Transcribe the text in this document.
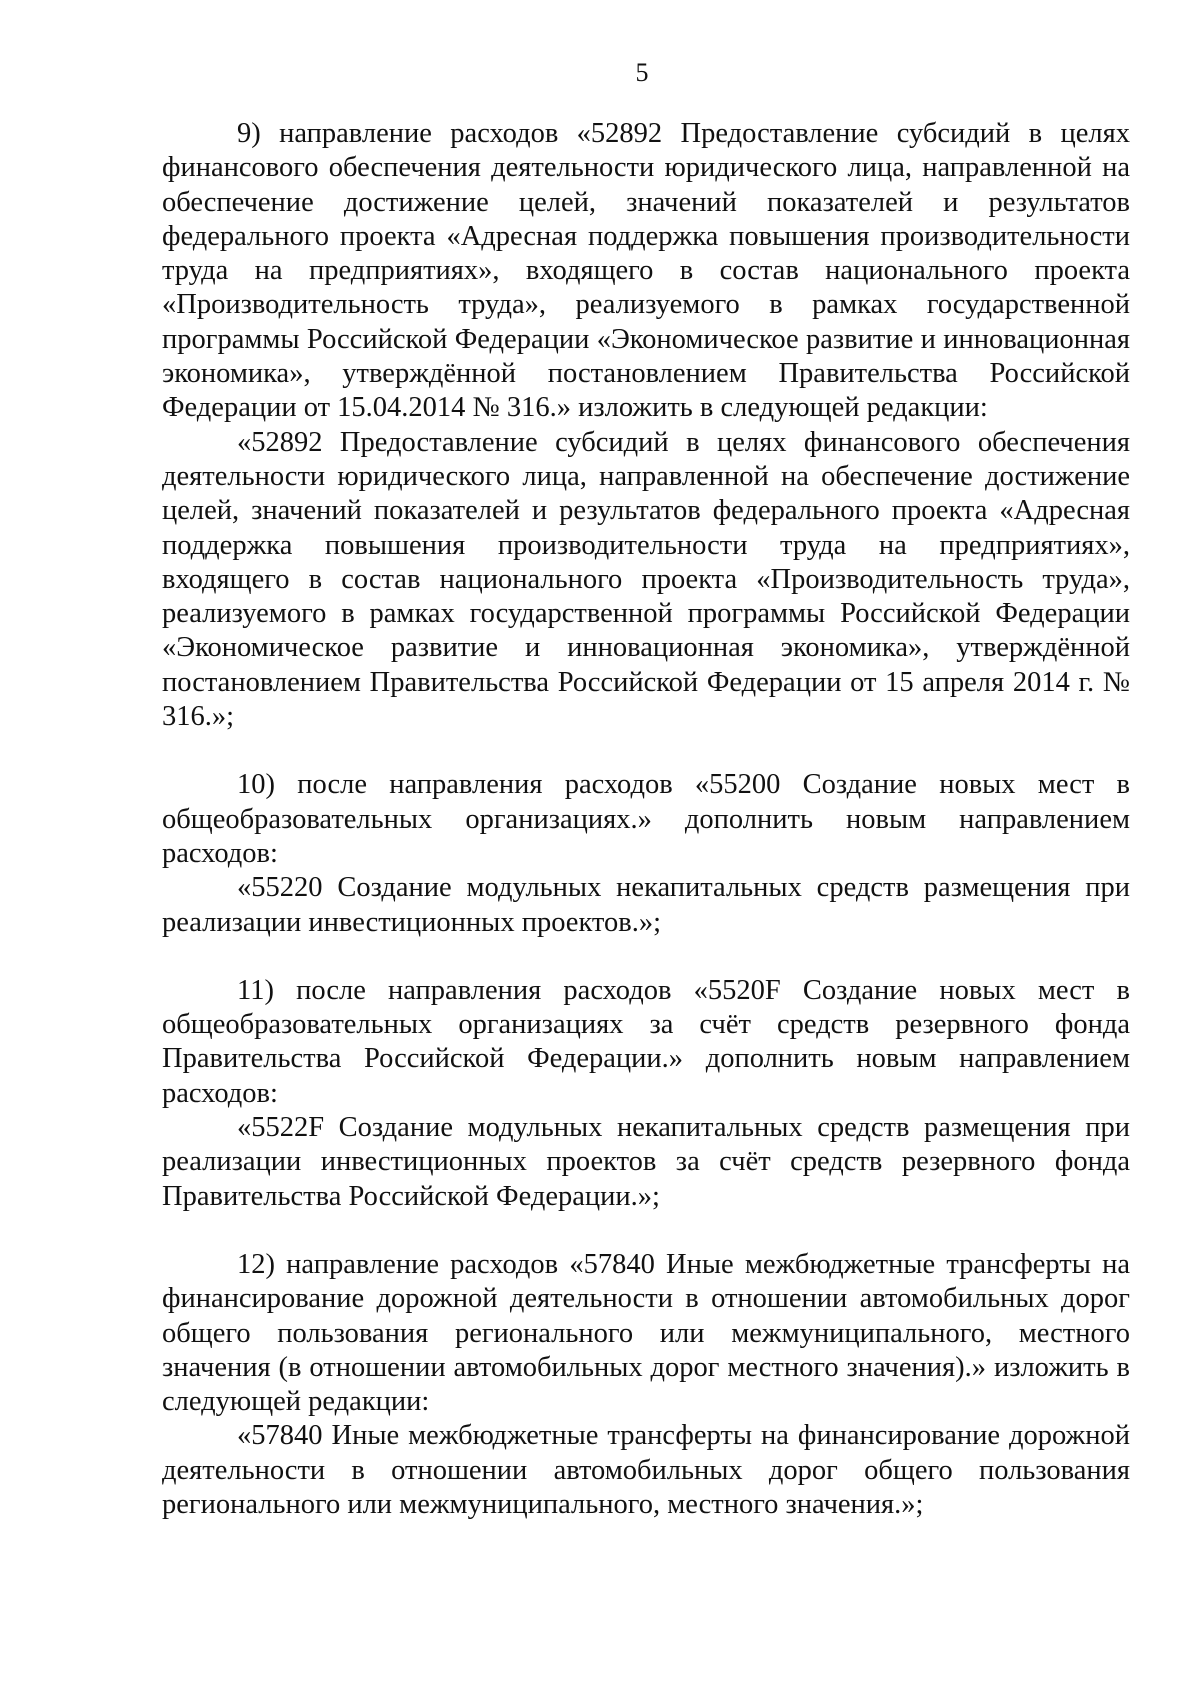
5

9) направление расходов «52892 Предоставление субсидий в целях финансового обеспечения деятельности юридического лица, направленной на обеспечение достижение целей, значений показателей и результатов федерального проекта «Адресная поддержка повышения производительности труда на предприятиях», входящего в состав национального проекта «Производительность труда», реализуемого в рамках государственной программы Российской Федерации «Экономическое развитие и инновационная экономика», утверждённой постановлением Правительства Российской Федерации от 15.04.2014 № 316.» изложить в следующей редакции:

«52892 Предоставление субсидий в целях финансового обеспечения деятельности юридического лица, направленной на обеспечение достижение целей, значений показателей и результатов федерального проекта «Адресная поддержка повышения производительности труда на предприятиях», входящего в состав национального проекта «Производительность труда», реализуемого в рамках государственной программы Российской Федерации «Экономическое развитие и инновационная экономика», утверждённой постановлением Правительства Российской Федерации от 15 апреля 2014 г. № 316.»;

10) после направления расходов «55200 Создание новых мест в общеобразовательных организациях.» дополнить новым направлением расходов:

«55220 Создание модульных некапитальных средств размещения при реализации инвестиционных проектов.»;

11) после направления расходов «5520F Создание новых мест в общеобразовательных организациях за счёт средств резервного фонда Правительства Российской Федерации.» дополнить новым направлением расходов:

«5522F Создание модульных некапитальных средств размещения при реализации инвестиционных проектов за счёт средств резервного фонда Правительства Российской Федерации.»;

12) направление расходов «57840 Иные межбюджетные трансферты на финансирование дорожной деятельности в отношении автомобильных дорог общего пользования регионального или межмуниципального, местного значения (в отношении автомобильных дорог местного значения).» изложить в следующей редакции:

«57840 Иные межбюджетные трансферты на финансирование дорожной деятельности в отношении автомобильных дорог общего пользования регионального или межмуниципального, местного значения.»;
